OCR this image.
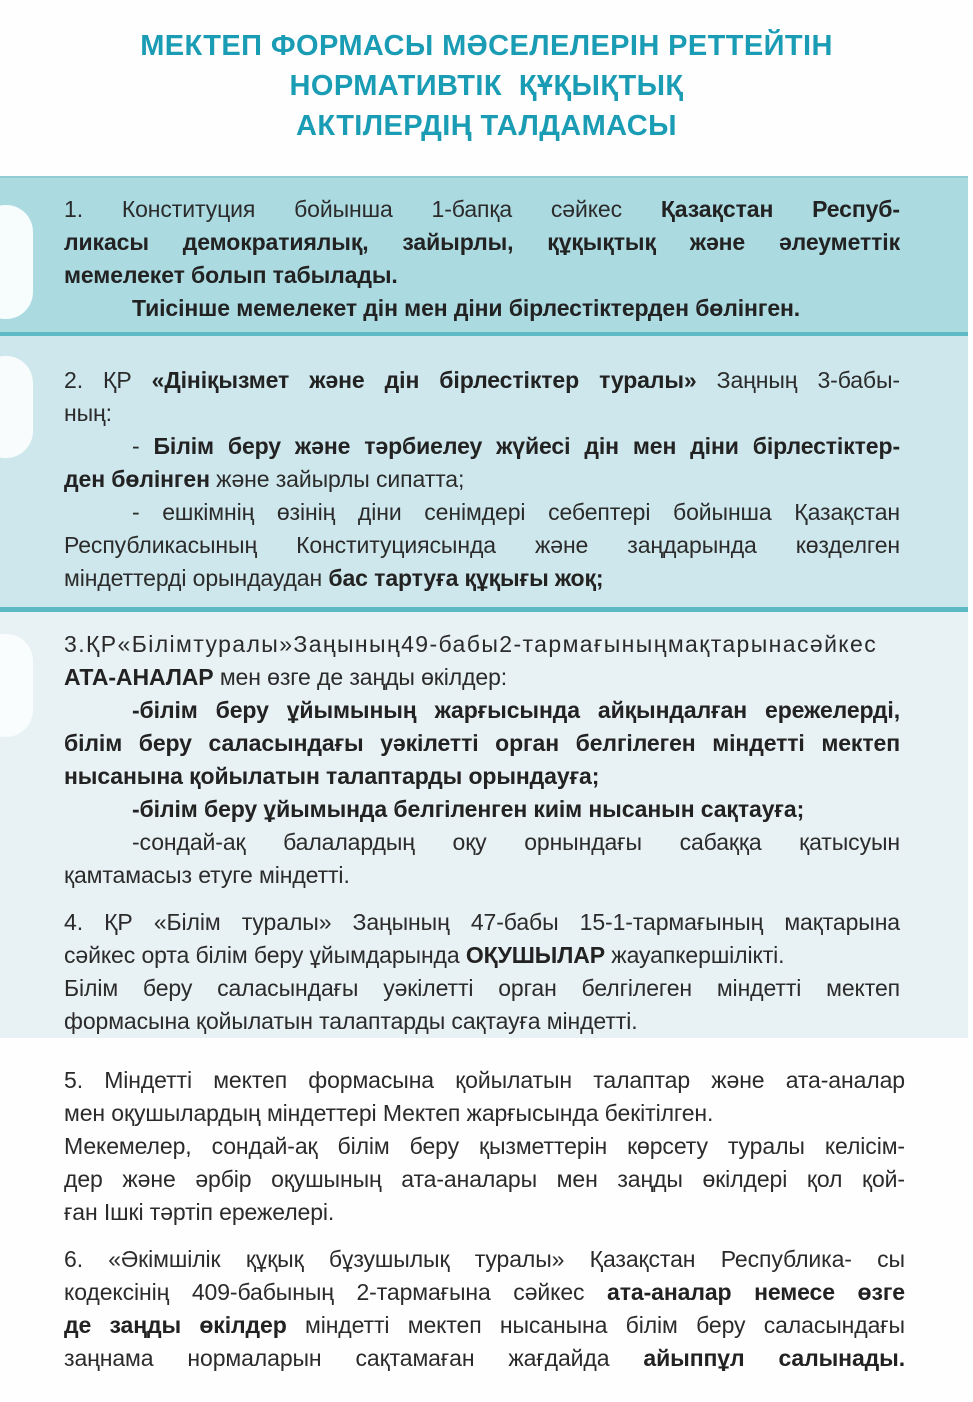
МЕКТЕП ФОРМАСЫ МӘСЕЛЕЛЕРІН РЕТТЕЙТІН
НОРМАТИВТІК  ҚҰҚЫҚТЫҚ
АКТІЛЕРДІҢ ТАЛДАМАСЫ
1. Конституция бойынша 1-бапқа сәйкес Қазақстан Респуб-
ликасы демократиялық, зайырлы, құқықтық және әлеуметтік
мемелекет болып табылады.
Тиісінше мемелекет дін мен діни бірлестіктерден бөлінген.
2. ҚР «Дініқызмет және дін бірлестіктер туралы» Заңның 3-бабы-
ның:
- Білім беру және тәрбиелеу жүйесі дін мен діни бірлестіктер-
ден бөлінген және зайырлы сипатта;
- ешкімнің өзінің діни сенімдері себептері бойынша Қазақстан
Республикасының Конституциясында және заңдарында көзделген
міндеттерді орындаудан бас тартуға құқығы жоқ;
3.ҚР«Білімтуралы»Заңының49-бабы2-тармағыныңмақтарынасәйкес
АТА-АНАЛАР мен өзге де заңды өкілдер:
-білім беру ұйымының жарғысында айқындалған ережелерді,
білім беру саласындағы уәкілетті орган белгілеген міндетті мектеп
нысанына қойылатын талаптарды орындауға;
-білім беру ұйымында белгіленген киім нысанын сақтауға;
-сондай-ақ балалардың оқу орнындағы сабаққа қатысуын
қамтамасыз етуге міндетті.
4. ҚР «Білім туралы» Заңының 47-бабы 15-1-тармағының мақтарына
сәйкес орта білім беру ұйымдарында ОҚУШЫЛАР жауапкершілікті.
Білім беру саласындағы уәкілетті орган белгілеген міндетті мектеп
формасына қойылатын талаптарды сақтауға міндетті.
5. Міндетті мектеп формасына қойылатын талаптар және ата-аналар
мен оқушылардың міндеттері Мектеп жарғысында бекітілген.
Мекемелер, сондай-ақ білім беру қызметтерін көрсету туралы келісім-
дер және әрбір оқушының ата-аналары мен заңды өкілдері қол қой-
ған Ішкі тәртіп ережелері.
6. «Әкімшілік құқық бұзушылық туралы» Қазақстан Республика- сы
кодексінің 409-бабының 2-тармағына сәйкес ата-аналар немесе өзге
де заңды өкілдер міндетті мектеп нысанына білім беру саласындағы
заңнама нормаларын сақтамаған жағдайда айыппұл салынады.
